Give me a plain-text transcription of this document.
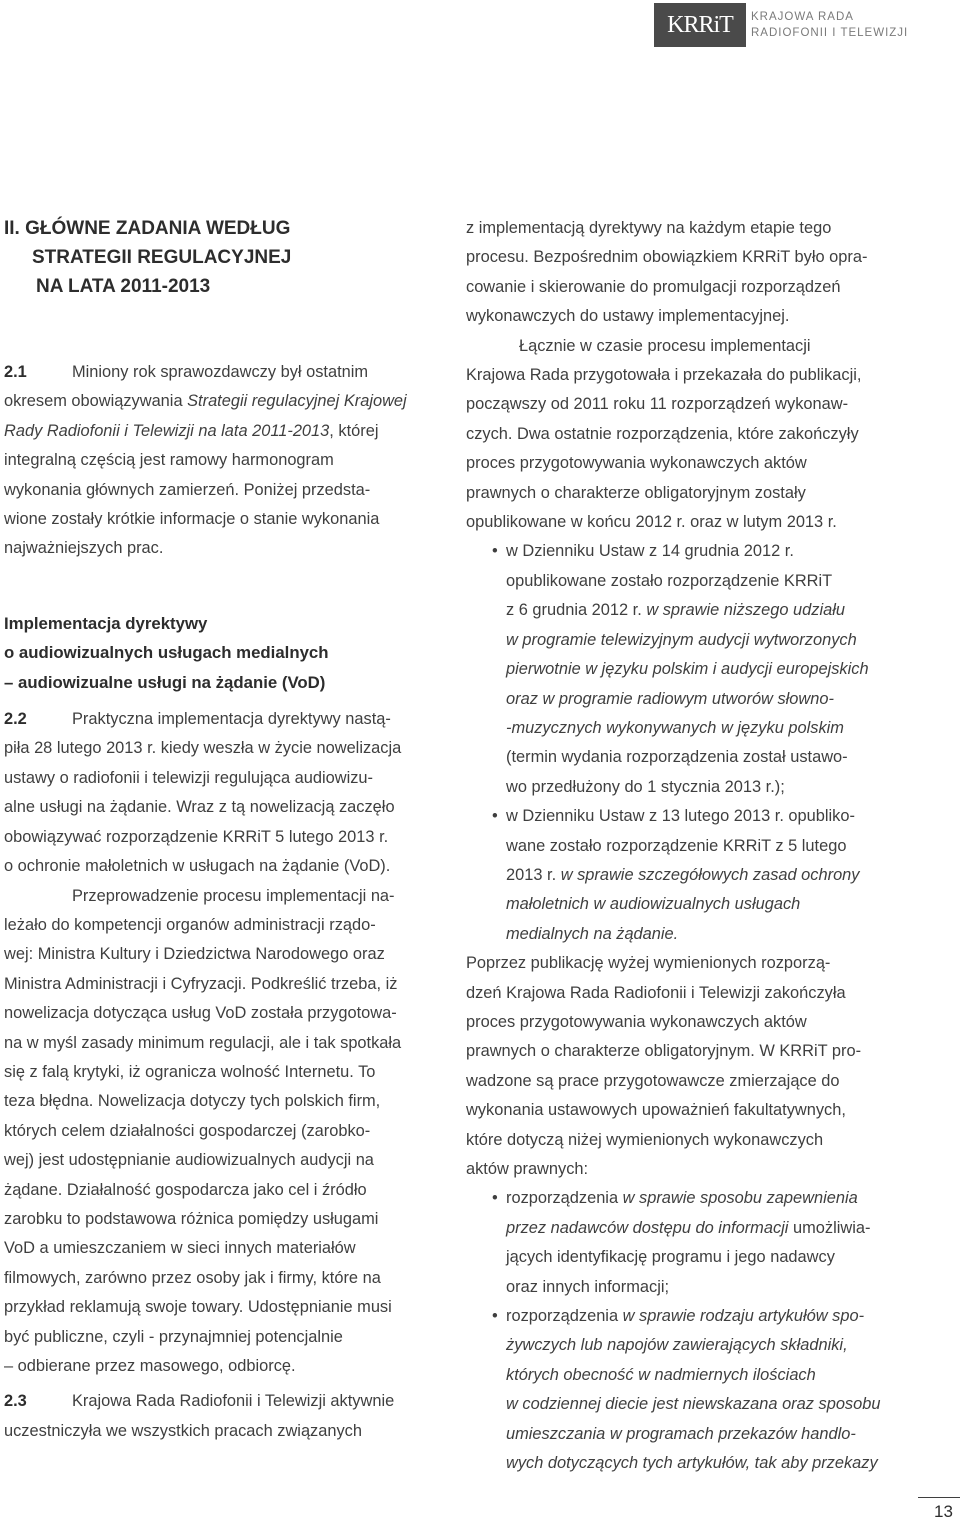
KRRiT KRAJOWA RADA
RADIOFONII I TELEWIZJI
II. GŁÓWNE ZADANIA WEDŁUG
STRATEGII REGULACYJNEJ
NA LATA 2011-2013
2.1	Miniony rok sprawozdawczy był ostatnim
okresem obowiązywania Strategii regulacyjnej Krajowej
Rady Radiofonii i Telewizji na lata 2011-2013, której
integralną częścią jest ramowy harmonogram
wykonania głównych zamierzeń. Poniżej przedsta-
wione zostały krótkie informacje o stanie wykonania
najważniejszych prac.
Implementacja dyrektywy
o audiowizualnych usługach medialnych
– audiowizualne usługi na żądanie (VoD)
2.2	Praktyczna implementacja dyrektywy nastą-
piła 28 lutego 2013 r. kiedy weszła w życie nowelizacja
ustawy o radiofonii i telewizji regulująca audiowizu-
alne usługi na żądanie. Wraz z tą nowelizacją zaczęło
obowiązywać rozporządzenie KRRiT 5 lutego 2013 r.
o ochronie małoletnich w usługach na żądanie (VoD).
Przeprowadzenie procesu implementacji na-
leżało do kompetencji organów administracji rządo-
wej: Ministra Kultury i Dziedzictwa Narodowego oraz
Ministra Administracji i Cyfryzacji. Podkreślić trzeba, iż
nowelizacja dotycząca usług VoD została przygotowa-
na w myśl zasady minimum regulacji, ale i tak spotkała
się z falą krytyki, iż ogranicza wolność Internetu. To
teza błędna. Nowelizacja dotyczy tych polskich firm,
których celem działalności gospodarczej (zarobko-
wej) jest udostępnianie audiowizualnych audycji na
żądane. Działalność gospodarcza jako cel i źródło
zarobku to podstawowa różnica pomiędzy usługami
VoD a umieszczaniem w sieci innych materiałów
filmowych, zarówno przez osoby jak i firmy, które na
przykład reklamują swoje towary. Udostępnianie musi
być publiczne, czyli - przynajmniej potencjalnie
– odbierane przez masowego, odbiorcę.
2.3	Krajowa Rada Radiofonii i Telewizji aktywnie
uczestniczyła we wszystkich pracach związanych
z implementacją dyrektywy na każdym etapie tego
procesu. Bezpośrednim obowiązkiem KRRiT było opra-
cowanie i skierowanie do promulgacji rozporządzeń
wykonawczych do ustawy implementacyjnej.
Łącznie w czasie procesu implementacji
Krajowa Rada przygotowała i przekazała do publikacji,
począwszy od 2011 roku 11 rozporządzeń wykonaw-
czych. Dwa ostatnie rozporządzenia, które zakończyły
proces przygotowywania wykonawczych aktów
prawnych o charakterze obligatoryjnym zostały
opublikowane w końcu 2012 r. oraz w lutym 2013 r.
• w Dzienniku Ustaw z 14 grudnia 2012 r.
opublikowane zostało rozporządzenie KRRiT
z 6 grudnia 2012 r. w sprawie niższego udziału
w programie telewizyjnym audycji wytworzonych
pierwotnie w języku polskim i audycji europejskich
oraz w programie radiowym utworów słowno-
-muzycznych wykonywanych w języku polskim
(termin wydania rozporządzenia został ustawo-
wo przedłużony do 1 stycznia 2013 r.);
• w Dzienniku Ustaw z 13 lutego 2013 r. opubliko-
wane zostało rozporządzenie KRRiT z 5 lutego
2013 r. w sprawie szczegółowych zasad ochrony
małoletnich w audiowizualnych usługach
medialnych na żądanie.
Poprzez publikację wyżej wymienionych rozporzą-
dzeń Krajowa Rada Radiofonii i Telewizji zakończyła
proces przygotowywania wykonawczych aktów
prawnych o charakterze obligatoryjnym. W KRRiT pro-
wadzone są prace przygotowawcze zmierzające do
wykonania ustawowych upoważnień fakultatywnych,
które dotyczą niżej wymienionych wykonawczych
aktów prawnych:
• rozporządzenia w sprawie sposobu zapewnienia
przez nadawców dostępu do informacji umożliwia-
jących identyfikację programu i jego nadawcy
oraz innych informacji;
• rozporządzenia w sprawie rodzaju artykułów spo-
żywczych lub napojów zawierających składniki,
których obecność w nadmiernych ilościach
w codziennej diecie jest niewskazana oraz sposobu
umieszczania w programach przekazów handlo-
wych dotyczących tych artykułów, tak aby przekazy
13
